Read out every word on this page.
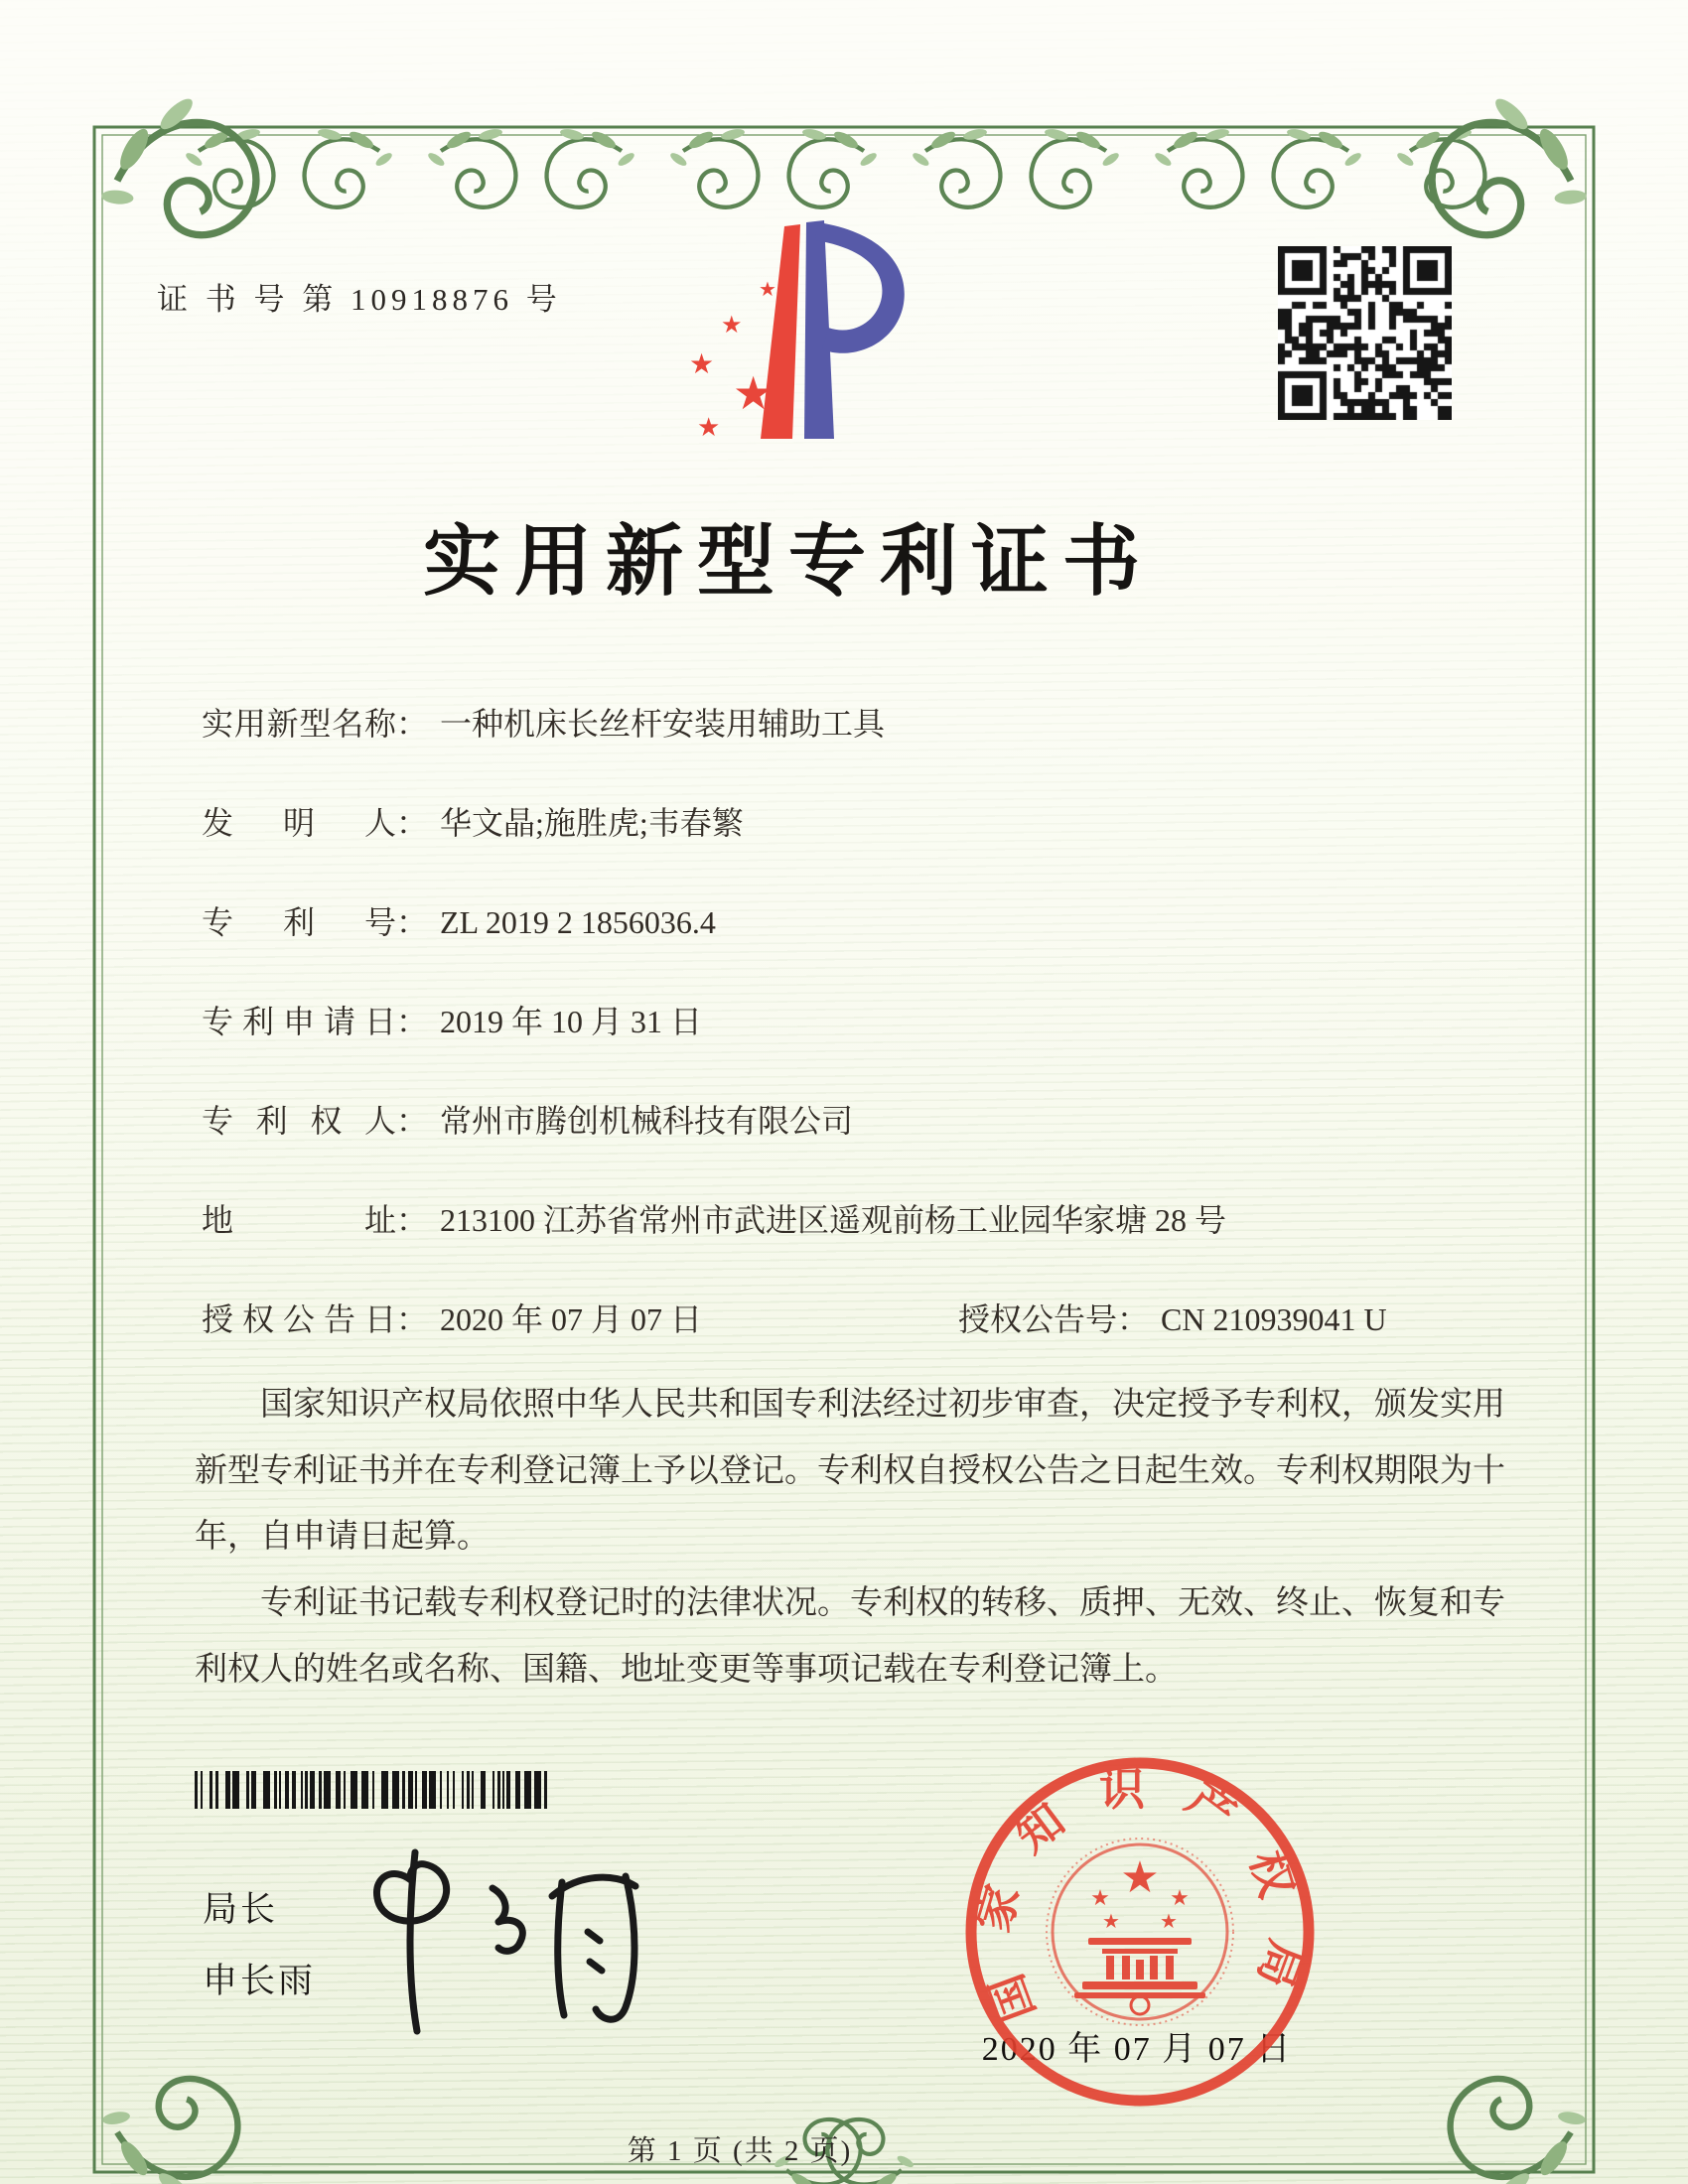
证 书 号 第 10918876 号	★
★
★
★
★
实用新型专利证书
实用新型名称： 一种机床长丝杆安装用辅助工具
发明人： 华文晶;施胜虎;韦春繁
专利号： ZL 2019 2 1856036.4
专利申请日： 2019 年 10 月 31 日
专利权人： 常州市腾创机械科技有限公司
地址： 213100 江苏省常州市武进区遥观前杨工业园华家塘 28 号
授权公告日： 2020 年 07 月 07 日	授权公告号： CN 210939041 U

国家知识产权局依照中华人民共和国专利法经过初步审查，决定授予专利权，颁发实用新型专利证书并在专利登记簿上予以登记。专利权自授权公告之日起生效。专利权期限为十年，自申请日起算。

专利证书记载专利权登记时的法律状况。专利权的转移、质押、无效、终止、恢复和专利权人的姓名或名称、国籍、地址变更等事项记载在专利登记簿上。

局长
申长雨
2020 年 07 月 07 日
国家知识产权局
★
★	★
★ ★
第 1 页 (共 2 页)
